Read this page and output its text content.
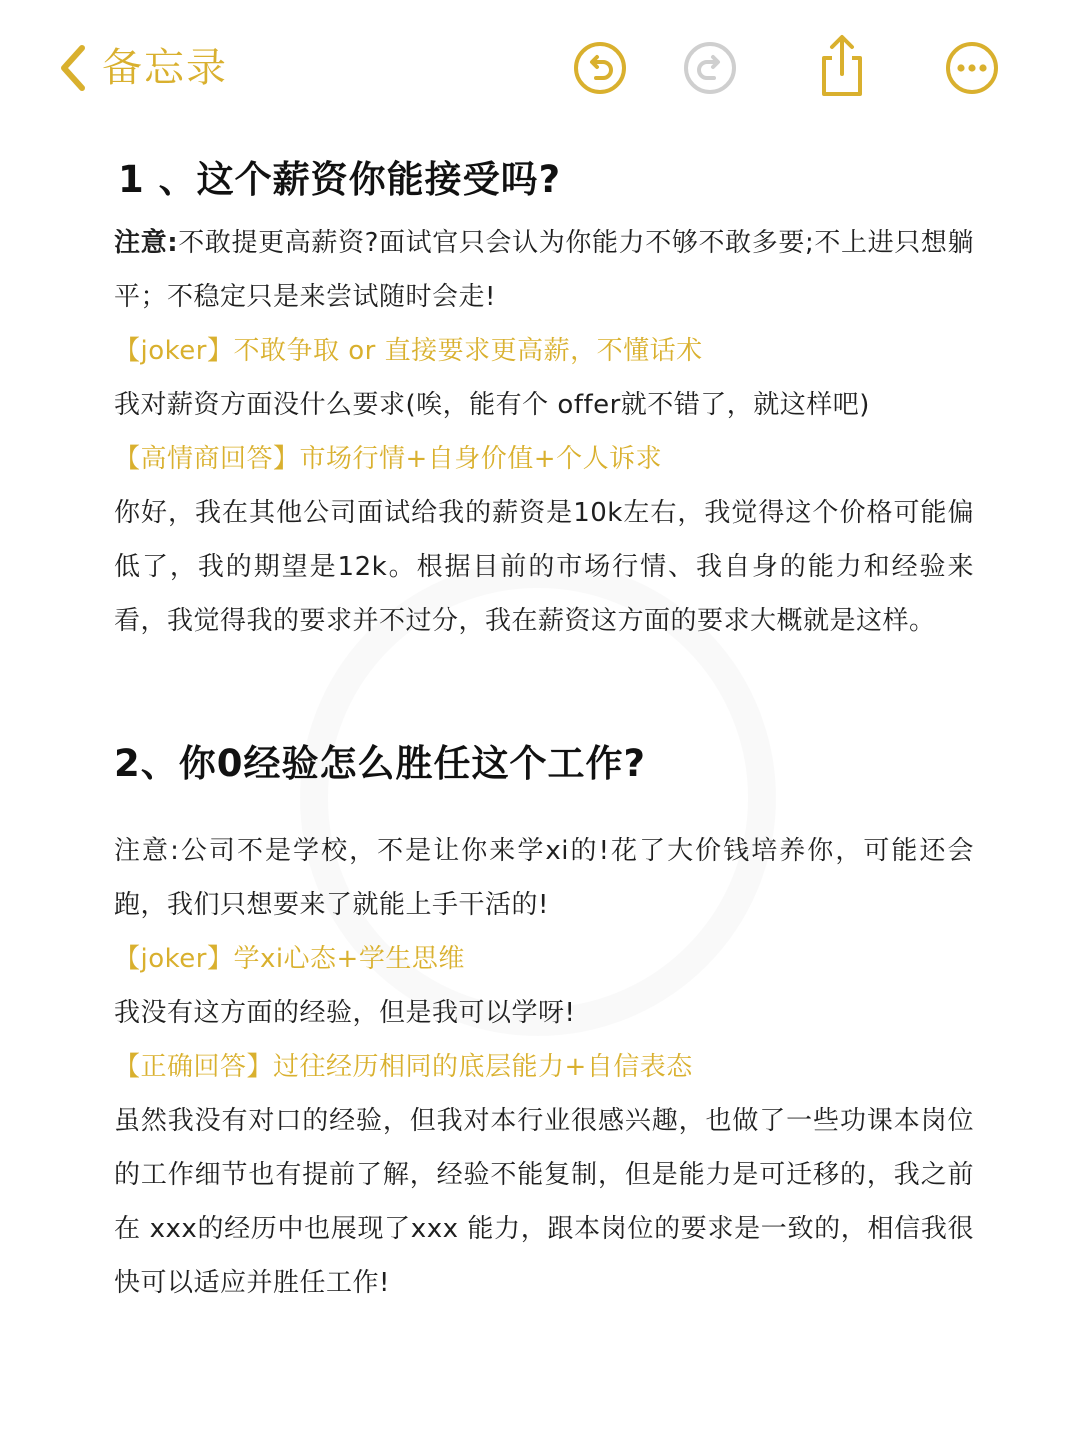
备忘录
1 、这个薪资你能接受吗?

注意:不敢提更高薪资?面试官只会认为你能力不够不敢多要;不上进只想躺平；不稳定只是来尝试随时会走!

【joker】不敢争取 or 直接要求更高薪，不懂话术

我对薪资方面没什么要求(唉，能有个 offer就不错了，就这样吧)

【高情商回答】市场行情+自身价值+个人诉求

你好，我在其他公司面试给我的薪资是10k左右，我觉得这个价格可能偏低了，我的期望是12k。根据目前的市场行情、我自身的能力和经验来看，我觉得我的要求并不过分，我在薪资这方面的要求大概就是这样。

2、你0经验怎么胜任这个工作?

注意:公司不是学校，不是让你来学xi的!花了大价钱培养你，可能还会跑，我们只想要来了就能上手干活的!

【joker】学xi心态+学生思维

我没有这方面的经验，但是我可以学呀!

【正确回答】过往经历相同的底层能力+自信表态

虽然我没有对口的经验，但我对本行业很感兴趣，也做了一些功课本岗位的工作细节也有提前了解，经验不能复制，但是能力是可迁移的，我之前在 xxx的经历中也展现了xxx 能力，跟本岗位的要求是一致的，相信我很快可以适应并胜任工作!
